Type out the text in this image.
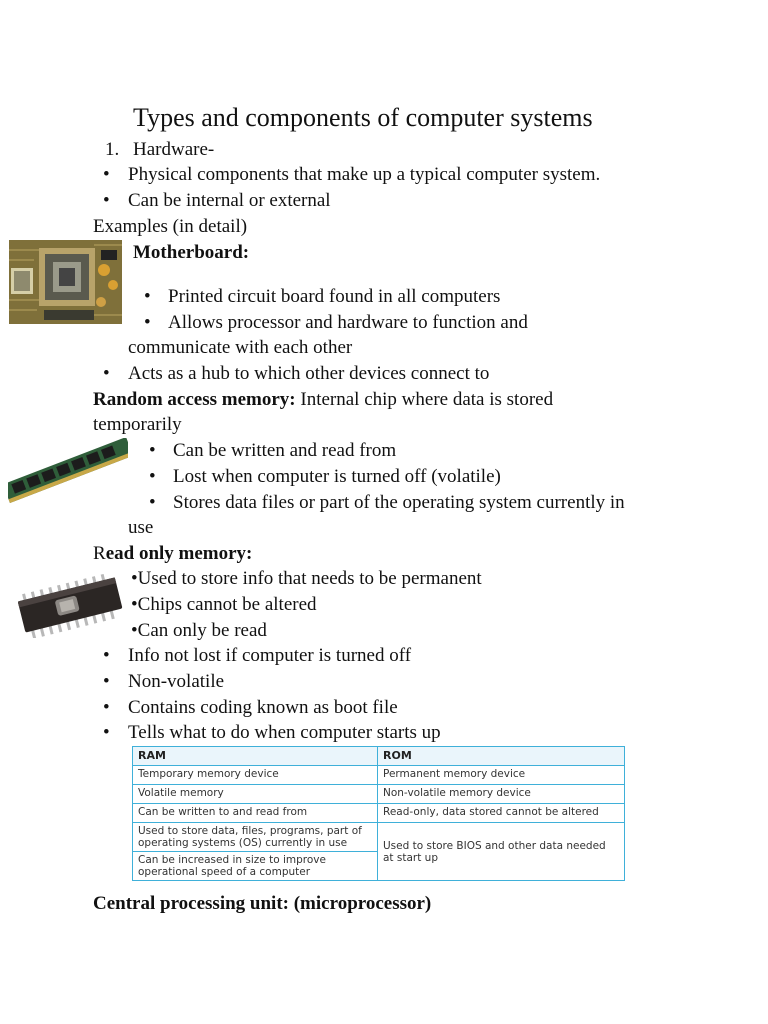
Types and components of computer systems
1. Hardware-
• Physical components that make up a typical computer system.
• Can be internal or external
Examples (in detail)
Motherboard:
• Printed circuit board found in all computers
• Allows processor and hardware to function and
communicate with each other
• Acts as a hub to which other devices connect to
Random access memory: Internal chip where data is stored
temporarily
• Can be written and read from
• Lost when computer is turned off (volatile)
• Stores data files or part of the operating system currently in
use
Read only memory:
•Used to store info that needs to be permanent
•Chips cannot be altered
•Can only be read
• Info not lost if computer is turned off
• Non-volatile
• Contains coding known as boot file
• Tells what to do when computer starts up
RAM	ROM
Temporary memory device	Permanent memory device
Volatile memory	Non-volatile memory device
Can be written to and read from	Read-only, data stored cannot be altered
Used to store data, files, programs, part of operating systems (OS) currently in use	Used to store BIOS and other data needed at start up
Can be increased in size to improve operational speed of a computer	
Central processing unit: (microprocessor)
